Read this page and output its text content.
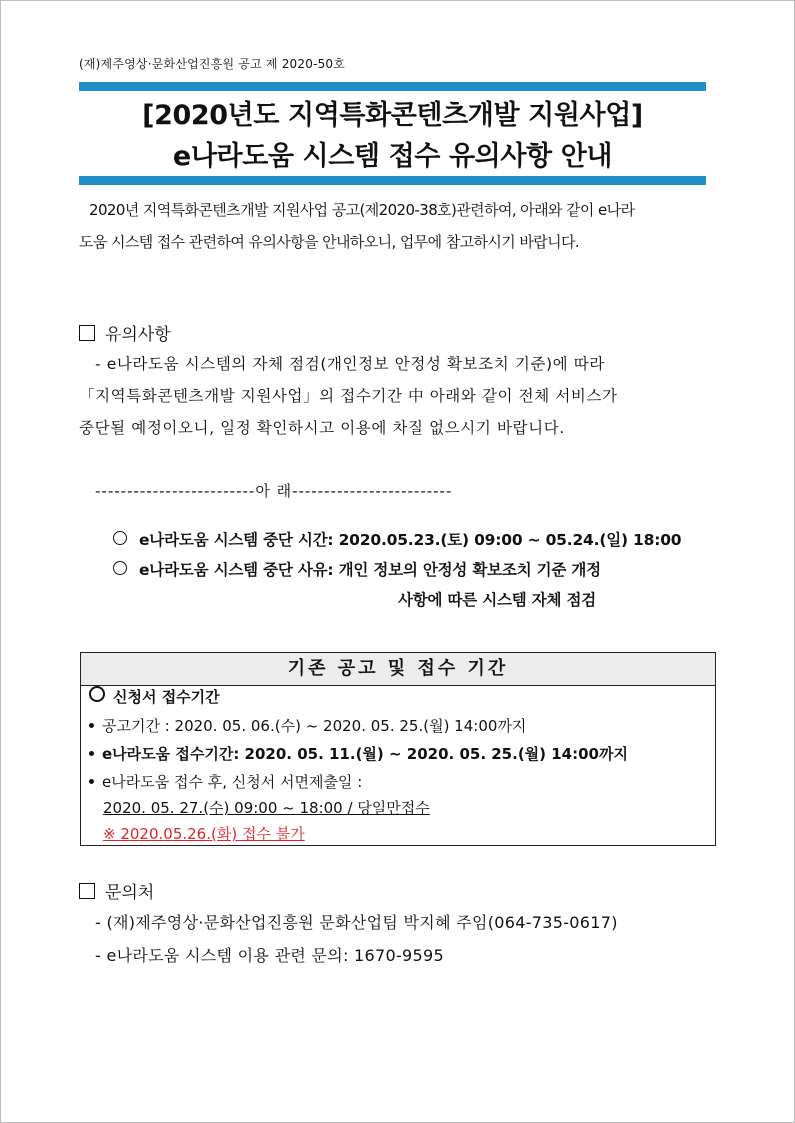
(재)제주영상·문화산업진흥원 공고 제 2020-50호
[2020년도 지역특화콘텐츠개발 지원사업]
e나라도움 시스템 접수 유의사항 안내
2020년 지역특화콘텐츠개발 지원사업 공고(제2020-38호)관련하여, 아래와 같이 e나라
도움 시스템 접수 관련하여 유의사항을 안내하오니, 업무에 참고하시기 바랍니다.
유의사항
- e나라도움 시스템의 자체 점검(개인정보 안정성 확보조치 기준)에 따라
「지역특화콘텐츠개발 지원사업」의 접수기간 中 아래와 같이 전체 서비스가
중단될 예정이오니, 일정 확인하시고 이용에 차질 없으시기 바랍니다.
-------------------------아 래-------------------------
e나라도움 시스템 중단 시간: 2020.05.23.(토) 09:00 ~ 05.24.(일) 18:00
e나라도움 시스템 중단 사유: 개인 정보의 안정성 확보조치 기준 개정
사항에 따른 시스템 자체 점검
기존 공고 및 접수 기간
신청서 접수기간
공고기간 : 2020. 05. 06.(수) ~ 2020. 05. 25.(월) 14:00까지
e나라도움 접수기간: 2020. 05. 11.(월) ~ 2020. 05. 25.(월) 14:00까지
e나라도움 접수 후, 신청서 서면제출일 :
2020. 05. 27.(수) 09:00 ~ 18:00 / 당일만접수
※ 2020.05.26.(화) 접수 불가
문의처
- (재)제주영상·문화산업진흥원 문화산업팀 박지혜 주임(064-735-0617)
- e나라도움 시스템 이용 관련 문의: 1670-9595
